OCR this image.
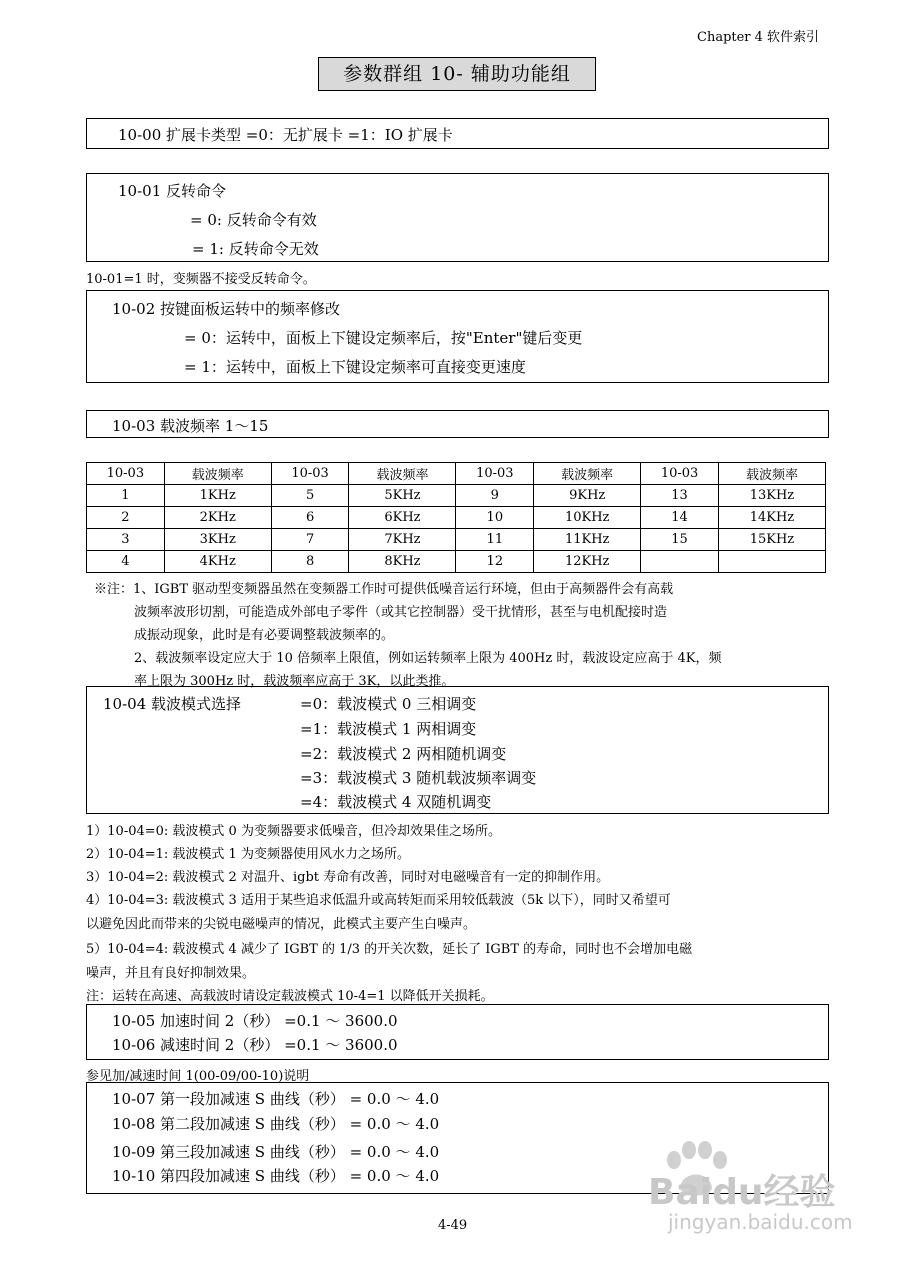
Chapter 4 软件索引
参数群组 10- 辅助功能组
10-00 扩展卡类型 =0：无扩展卡 =1：IO 扩展卡
10-01 反转命令
= 0: 反转命令有效
= 1: 反转命令无效
10-01=1 时，变频器不接受反转命令。
10-02 按键面板运转中的频率修改
= 0：运转中，面板上下键设定频率后，按"Enter"键后变更
= 1：运转中，面板上下键设定频率可直接变更速度
10-03 载波频率 1～15
10-03	载波频率	10-03	载波频率	10-03	载波频率	10-03	载波频率
1	1KHz	5	5KHz	9	9KHz	13	13KHz
2	2KHz	6	6KHz	10	10KHz	14	14KHz
3	3KHz	7	7KHz	11	11KHz	15	15KHz
4	4KHz	8	8KHz	12	12KHz		
※注：1、IGBT 驱动型变频器虽然在变频器工作时可提供低噪音运行环境，但由于高频器件会有高载
波频率波形切割，可能造成外部电子零件（或其它控制器）受干扰情形，甚至与电机配接时造
成振动现象，此时是有必要调整载波频率的。
2、载波频率设定应大于 10 倍频率上限值，例如运转频率上限为 400Hz 时，载波设定应高于 4K，频
率上限为 300Hz 时，载波频率应高于 3K，以此类推。
10-04 载波模式选择	=0：载波模式 0 三相调变
=1：载波模式 1 两相调变
=2：载波模式 2 两相随机调变
=3：载波模式 3 随机载波频率调变
=4：载波模式 4 双随机调变
1）10-04=0: 载波模式 0 为变频器要求低噪音，但冷却效果佳之场所。
2）10-04=1: 载波模式 1 为变频器使用风水力之场所。
3）10-04=2: 载波模式 2 对温升、igbt 寿命有改善，同时对电磁噪音有一定的抑制作用。
4）10-04=3: 载波模式 3 适用于某些追求低温升或高转矩而采用较低载波（5k 以下），同时又希望可
以避免因此而带来的尖锐电磁噪声的情况，此模式主要产生白噪声。
5）10-04=4: 载波模式 4 减少了 IGBT 的 1/3 的开关次数，延长了 IGBT 的寿命，同时也不会增加电磁
噪声，并且有良好抑制效果。
注：运转在高速、高载波时请设定载波模式 10-4=1 以降低开关损耗。
10-05 加速时间 2（秒） =0.1 ～ 3600.0
10-06 减速时间 2（秒） =0.1 ～ 3600.0
参见加/减速时间 1(00-09/00-10)说明
10-07 第一段加减速 S 曲线（秒） = 0.0 ～ 4.0
10-08 第二段加减速 S 曲线（秒） = 0.0 ～ 4.0
10-09 第三段加减速 S 曲线（秒） = 0.0 ～ 4.0
10-10 第四段加减速 S 曲线（秒） = 0.0 ～ 4.0
4-49
Baidu经验
jingyan.baidu.com
